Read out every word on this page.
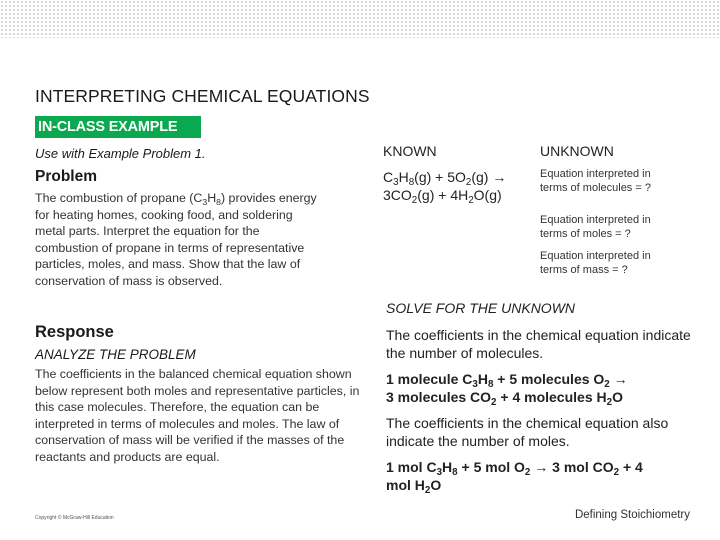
INTERPRETING CHEMICAL EQUATIONS
IN-CLASS EXAMPLE
Use with Example Problem 1.
Problem
The combustion of propane $(C_3H_8)$ provides energy for heating homes, cooking food, and soldering metal parts. Interpret the equation for the combustion of propane in terms of representative particles, moles, and mass. Show that the law of conservation of mass is observed.
Response
ANALYZE THE PROBLEM
The coefficients in the balanced chemical equation shown below represent both moles and representative particles, in this case molecules. Therefore, the equation can be interpreted in terms of molecules and moles. The law of conservation of mass will be verified if the masses of the reactants and products are equal.
KNOWN	UNKNOWN
$C_3H_8(g) + 5O_2(g)$ →
$3CO_2(g) + 4H_2O(g)$
Equation interpreted in terms of molecules = ?
Equation interpreted in terms of moles = ?
Equation interpreted in terms of mass = ?
SOLVE FOR THE UNKNOWN
The coefficients in the chemical equation indicate the number of molecules.
1 molecule $C_3H_8 + 5$ molecules $O_2$ →
3 molecules $CO_2 + 4$ molecules $H_2O$
The coefficients in the chemical equation also indicate the number of moles.
1 mol $C_3H_8 + 5$ mol $O_2 \to 3$ mol $CO_2 + 4$
mol $H_2O$
Copyright © McGraw-Hill Education	Defining Stoichiometry
